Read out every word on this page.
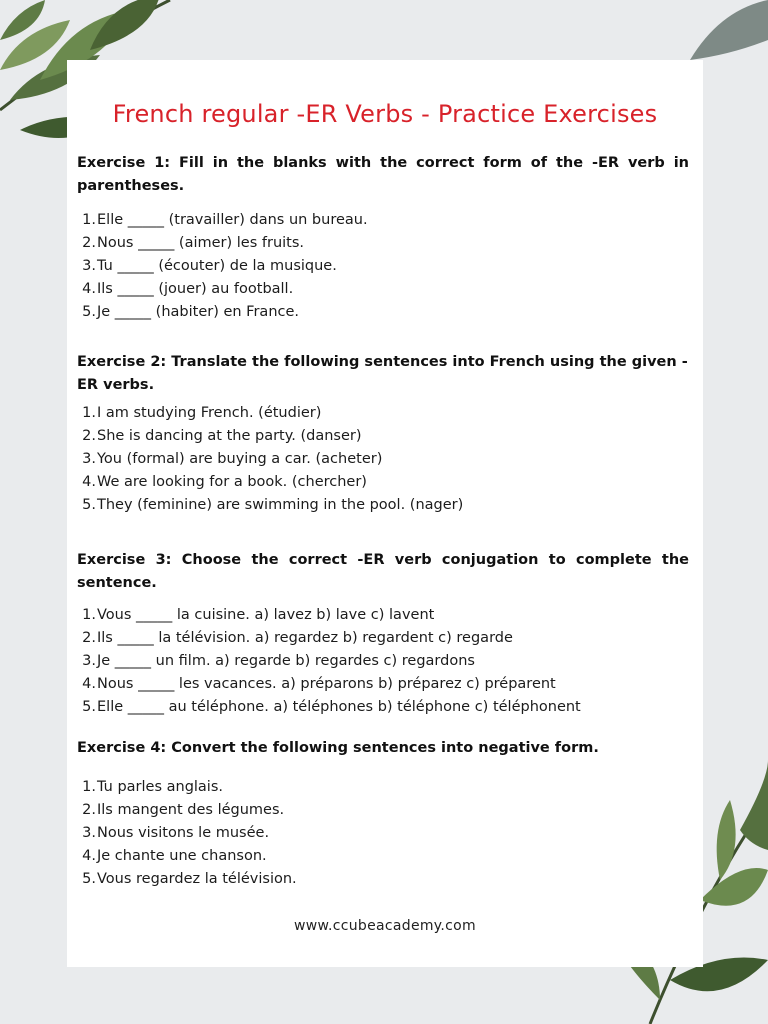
French regular -ER Verbs - Practice Exercises

Exercise 1: Fill in the blanks with the correct form of the -ER verb in parentheses.

1. Elle _____ (travailler) dans un bureau.
2. Nous _____ (aimer) les fruits.
3. Tu _____ (écouter) de la musique.
4. Ils _____ (jouer) au football.
5. Je _____ (habiter) en France.

Exercise 2: Translate the following sentences into French using the given -ER verbs.

1. I am studying French. (étudier)
2. She is dancing at the party. (danser)
3. You (formal) are buying a car. (acheter)
4. We are looking for a book. (chercher)
5. They (feminine) are swimming in the pool. (nager)

Exercise 3: Choose the correct -ER verb conjugation to complete the sentence.

1. Vous _____ la cuisine. a) lavez b) lave c) lavent
2. Ils _____ la télévision. a) regardez b) regardent c) regarde
3. Je _____ un film. a) regarde b) regardes c) regardons
4. Nous _____ les vacances. a) préparons b) préparez c) préparent
5. Elle _____ au téléphone. a) téléphones b) téléphone c) téléphonent

Exercise 4: Convert the following sentences into negative form.

1. Tu parles anglais.
2. Ils mangent des légumes.
3. Nous visitons le musée.
4. Je chante une chanson.
5. Vous regardez la télévision.
www.ccubeacademy.com
